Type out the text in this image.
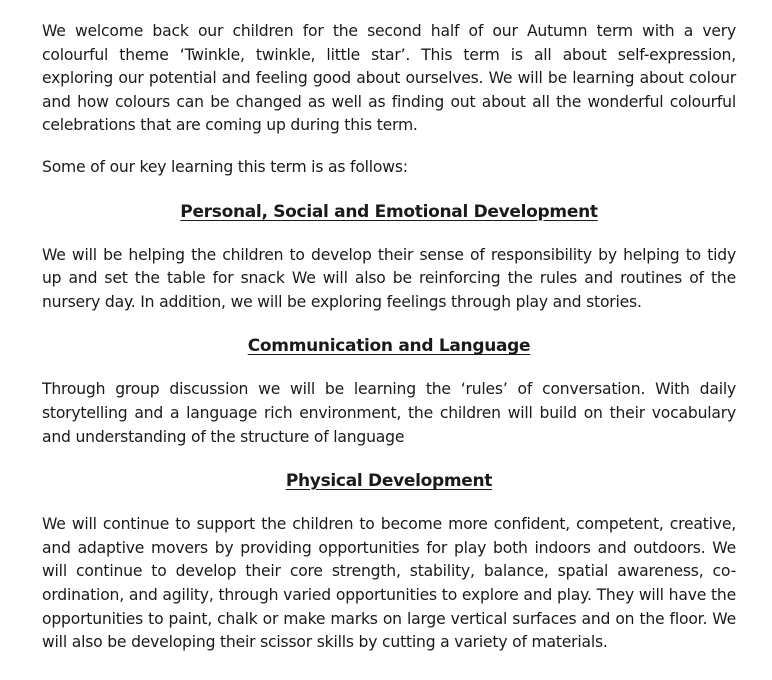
We welcome back our children for the second half of our Autumn term with a very colourful theme ‘Twinkle, twinkle, little star’. This term is all about self-expression, exploring our potential and feeling good about ourselves. We will be learning about colour and how colours can be changed as well as finding out about all the wonderful colourful celebrations that are coming up during this term.

Some of our key learning this term is as follows:

Personal, Social and Emotional Development

We will be helping the children to develop their sense of responsibility by helping to tidy up and set the table for snack We will also be reinforcing the rules and routines of the nursery day. In addition, we will be exploring feelings through play and stories.

Communication and Language

Through group discussion we will be learning the ‘rules’ of conversation. With daily storytelling and a language rich environment, the children will build on their vocabulary and understanding of the structure of language

Physical Development

We will continue to support the children to become more confident, competent, creative, and adaptive movers by providing opportunities for play both indoors and outdoors. We will continue to develop their core strength, stability, balance, spatial awareness, co-ordination, and agility, through varied opportunities to explore and play. They will have the opportunities to paint, chalk or make marks on large vertical surfaces and on the floor. We will also be developing their scissor skills by cutting a variety of materials.
